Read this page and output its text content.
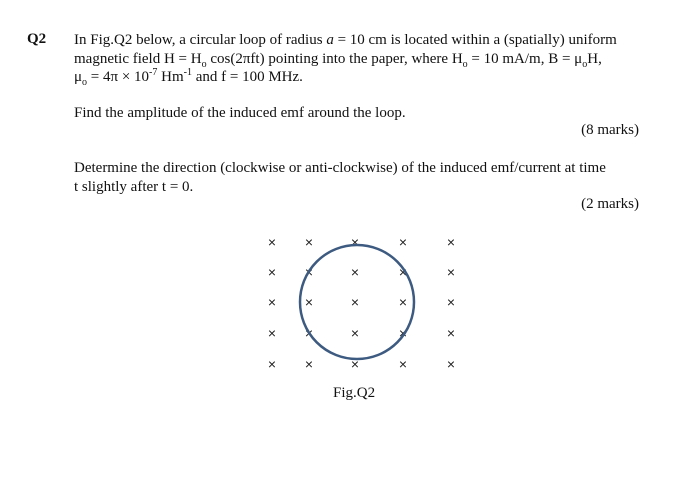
Q2 In Fig.Q2 below, a circular loop of radius a = 10 cm is located within a (spatially) uniform
magnetic field $H = H_o$ cos(2πft) pointing into the paper, where $H_o = 10$ mA/m, $B = \mu_oH$,
$\mu_o = 4\pi \times 10^{-7}$ $Hm^{-1}$ and f = 100 MHz.
Find the amplitude of the induced emf around the loop.
(8 marks)
Determine the direction (clockwise or anti-clockwise) of the induced emf/current at time
t slightly after t = 0.
(2 marks)
× ×	×	×	×
× ×	×	×	×
× ×	×	×	×
× ×	×	×	×
× ×	×	×	×
Fig.Q2
